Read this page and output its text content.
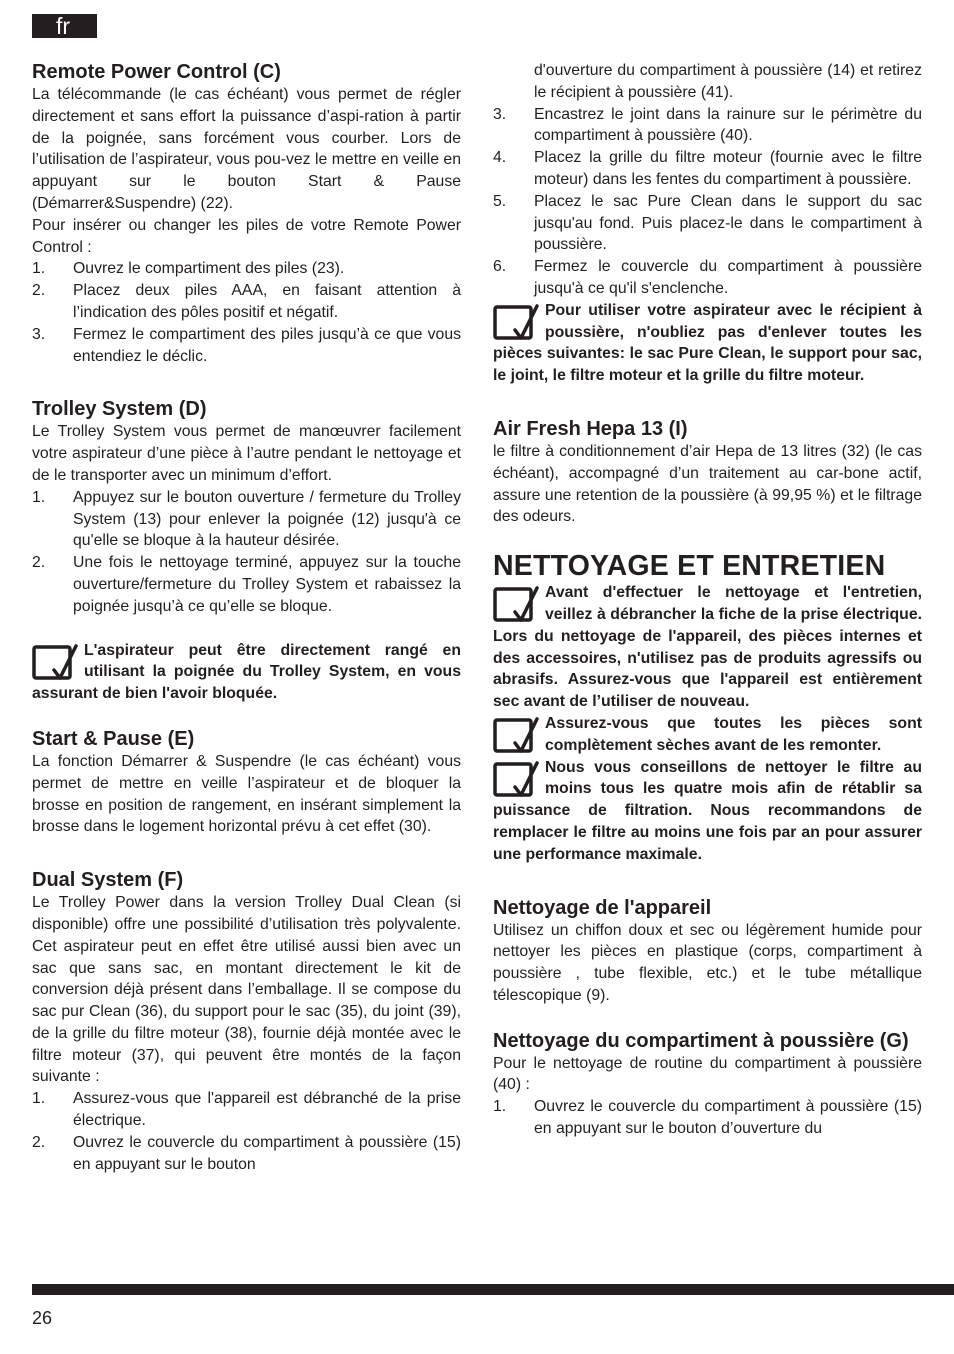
fr
Remote Power Control (C)

La télécommande (le cas échéant) vous permet de régler directement et sans effort la puissance d’aspi-ration à partir de la poignée, sans forcément vous courber. Lors de l’utilisation de l’aspirateur, vous pou-vez le mettre en veille en appuyant sur le bouton Start & Pause (Démarrer&Suspendre) (22).

Pour insérer ou changer les piles de votre Remote Power Control :

1.	Ouvrez le compartiment des piles (23).
2.	Placez deux piles AAA, en faisant attention à l’indication des pôles positif et négatif.
3.	Fermez le compartiment des piles jusqu’à ce que vous entendiez le déclic.
Trolley System (D)

Le Trolley System vous permet de manœuvrer facilement votre aspirateur d’une pièce à l’autre pendant le nettoyage et de le transporter avec un minimum d’effort.

1.	Appuyez sur le bouton ouverture / fermeture du Trolley System (13) pour enlever la poignée (12) jusqu'à ce qu'elle se bloque à la hauteur désirée.
2.	Une fois le nettoyage terminé, appuyez sur la touche ouverture/fermeture du Trolley System et rabaissez la poignée jusqu’à ce qu’elle se bloque.

L'aspirateur peut être directement rangé en utilisant la poignée du Trolley System, en vous assurant de bien l'avoir bloquée.

Start & Pause (E)

La fonction Démarrer & Suspendre (le cas échéant) vous permet de mettre en veille l’aspirateur et de bloquer la brosse en position de rangement, en insérant simplement la brosse dans le logement horizontal prévu à cet effet (30).

Dual System (F)

Le Trolley Power dans la version Trolley Dual Clean (si disponible) offre une possibilité d’utilisation très polyvalente. Cet aspirateur peut en effet être utilisé aussi bien avec un sac que sans sac, en montant directement le kit de conversion déjà présent dans l’emballage. Il se compose du sac pur Clean (36), du support pour le sac (35), du joint (39), de la grille du filtre moteur (38), fournie déjà montée avec le filtre moteur (37), qui peuvent être montés de la façon suivante :

1.	Assurez-vous que l'appareil est débranché de la prise électrique.
2.	Ouvrez le couvercle du compartiment à poussière (15) en appuyant sur le bouton
d'ouverture du compartiment à poussière (14) et retirez le récipient à poussière (41).
3.	Encastrez le joint dans la rainure sur le périmètre du compartiment à poussière (40).
4.	Placez la grille du filtre moteur (fournie avec le filtre moteur) dans les fentes du compartiment à poussière.
5.	Placez le sac Pure Clean dans le support du sac jusqu'au fond. Puis placez-le dans le compartiment à poussière.
6.	Fermez le couvercle du compartiment à poussière jusqu'à ce qu'il s'enclenche.

Pour utiliser votre aspirateur avec le récipient à poussière, n'oubliez pas d'enlever toutes les pièces suivantes: le sac Pure Clean, le support pour sac, le joint, le filtre moteur et la grille du filtre moteur.

Air Fresh Hepa 13 (I)

le filtre à conditionnement d’air Hepa de 13 litres (32) (le cas échéant), accompagné d’un traitement au car-bone actif, assure une retention de la poussière (à 99,95 %) et le filtrage des odeurs.

NETTOYAGE ET ENTRETIEN

Avant d'effectuer le nettoyage et l'entretien, veillez à débrancher la fiche de la prise électrique. Lors du nettoyage de l'appareil, des pièces internes et des accessoires, n'utilisez pas de produits agressifs ou abrasifs. Assurez-vous que l'appareil est entièrement sec avant de l’utiliser de nouveau.

Assurez-vous que toutes les pièces sont complètement sèches avant de les remonter.

Nous vous conseillons de nettoyer le filtre au moins tous les quatre mois afin de rétablir sa puissance de filtration. Nous recommandons de remplacer le filtre au moins une fois par an pour assurer une performance maximale.

Nettoyage de l'appareil

Utilisez un chiffon doux et sec ou légèrement humide pour nettoyer les pièces en plastique (corps, compartiment à poussière , tube flexible, etc.) et le tube métallique télescopique (9).

Nettoyage du compartiment à poussière (G)

Pour le nettoyage de routine du compartiment à poussière (40) :

1.	Ouvrez le couvercle du compartiment à poussière (15) en appuyant sur le bouton d’ouverture du
26
